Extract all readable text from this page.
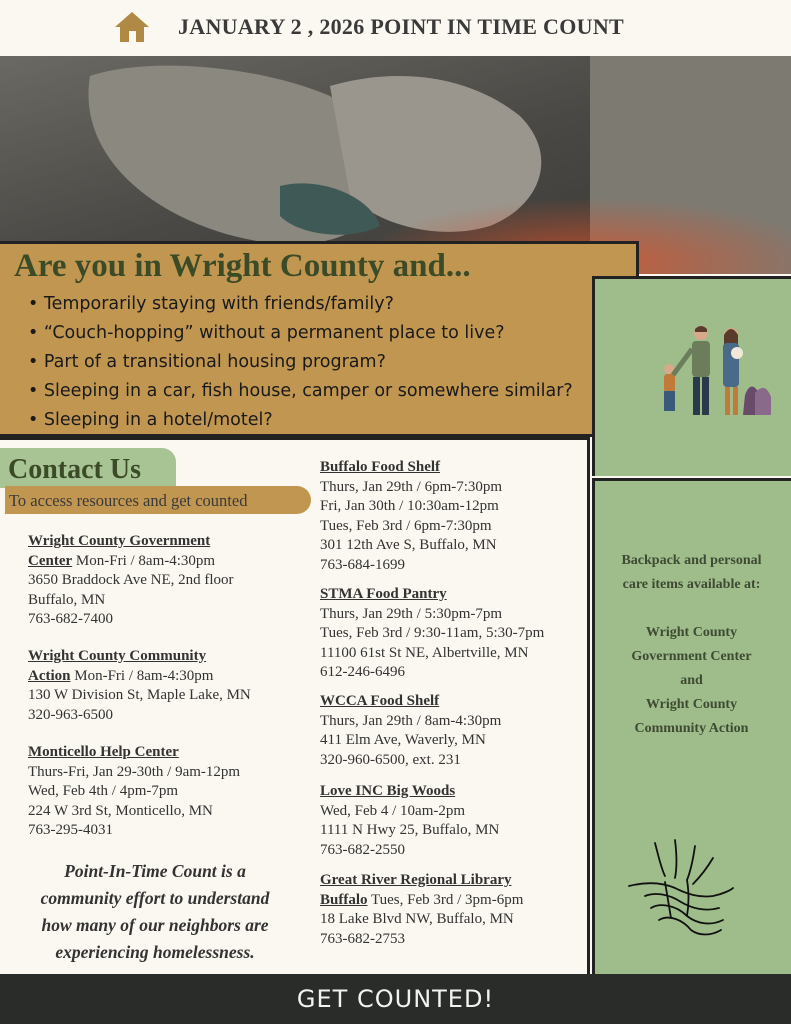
JANUARY 2 , 2026 POINT IN TIME COUNT
Are you in Wright County and...
• Temporarily staying with friends/family?
• “Couch-hopping” without a permanent place to live?
• Part of a transitional housing program?
• Sleeping in a car, fish house, camper or somewhere similar?
• Sleeping in a hotel/motel?
Backpack and personal
care items available at:
Wright County
Government Center
and
Wright County
Community Action
Contact Us
To access resources and get counted
Wright County Government
Center Mon-Fri / 8am-4:30pm
3650 Braddock Ave NE, 2nd floor
Buffalo, MN
763-682-7400
Wright County Community
Action Mon-Fri / 8am-4:30pm
130 W Division St, Maple Lake, MN
320-963-6500
Monticello Help Center
Thurs-Fri, Jan 29-30th / 9am-12pm
Wed, Feb 4th / 4pm-7pm
224 W 3rd St, Monticello, MN
763-295-4031
Point-In-Time Count is a
community effort to understand
how many of our neighbors are
experiencing homelessness.
Buffalo Food Shelf
Thurs, Jan 29th / 6pm-7:30pm
Fri, Jan 30th / 10:30am-12pm
Tues, Feb 3rd / 6pm-7:30pm
301 12th Ave S, Buffalo, MN
763-684-1699
STMA Food Pantry
Thurs, Jan 29th / 5:30pm-7pm
Tues, Feb 3rd / 9:30-11am, 5:30-7pm
11100 61st St NE, Albertville, MN
612-246-6496
WCCA Food Shelf
Thurs, Jan 29th / 8am-4:30pm
411 Elm Ave, Waverly, MN
320-960-6500, ext. 231
Love INC Big Woods
Wed, Feb 4 / 10am-2pm
1111 N Hwy 25, Buffalo, MN
763-682-2550
Great River Regional Library
Buffalo Tues, Feb 3rd / 3pm-6pm
18 Lake Blvd NW, Buffalo, MN
763-682-2753
GET COUNTED!
